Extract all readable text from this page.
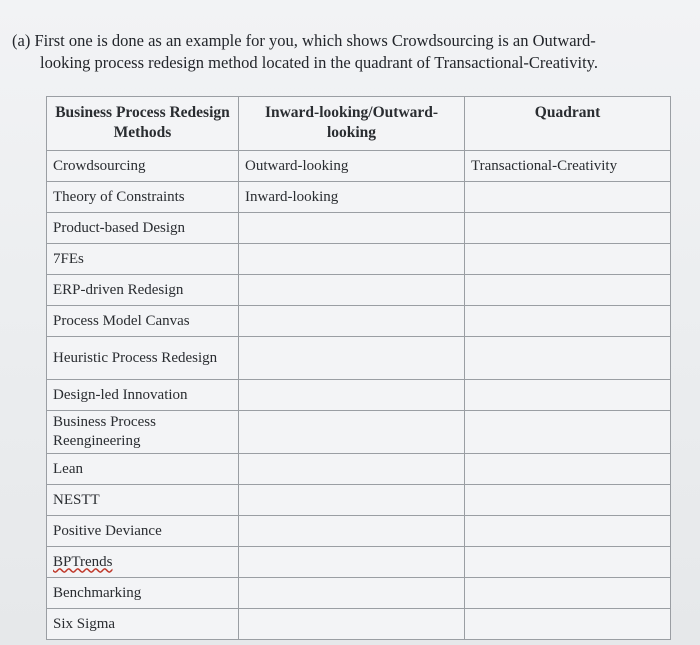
(a) First one is done as an example for you, which shows Crowdsourcing is an Outward-
looking process redesign method located in the quadrant of Transactional-Creativity.
Business Process Redesign Methods	Inward-looking/Outward-looking	Quadrant
Crowdsourcing	Outward-looking	Transactional-Creativity
Theory of Constraints	Inward-looking	
Product-based Design		
7FEs		
ERP-driven Redesign		
Process Model Canvas		
Heuristic Process Redesign		
Design-led Innovation		
Business Process Reengineering		
Lean		
NESTT		
Positive Deviance		
BPTrends		
Benchmarking		
Six Sigma		
